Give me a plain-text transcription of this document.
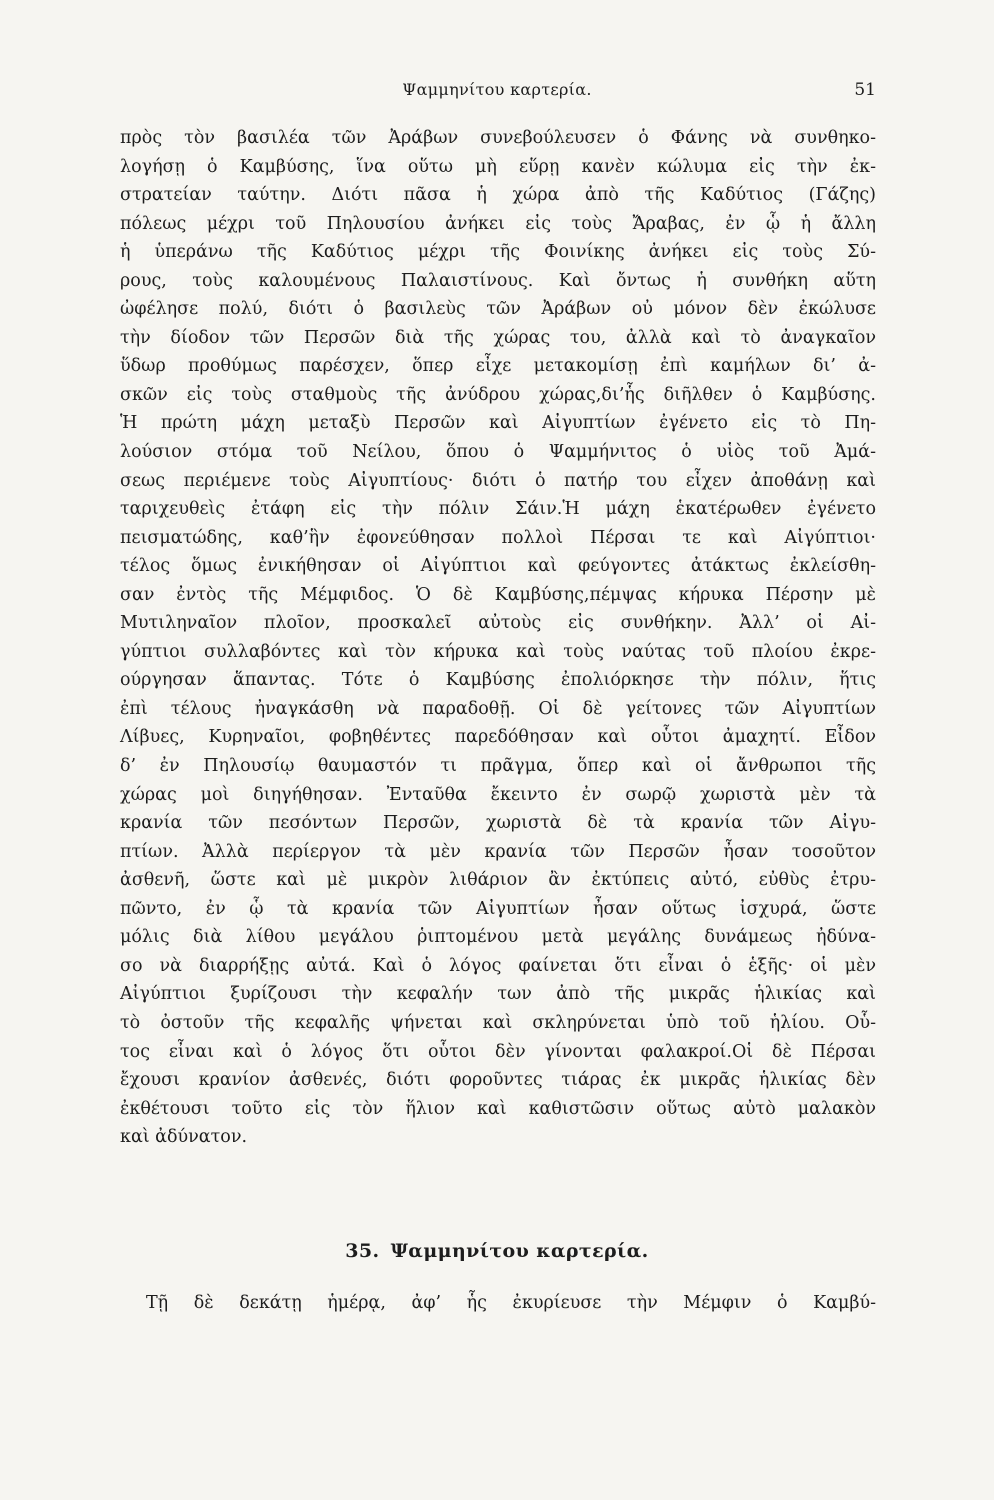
Ψαμμηνίτου καρτερία.	51
πρὸς τὸν βασιλέα τῶν Ἀράβων συνεβούλευσεν ὁ Φάνης νὰ συνθηκο-
λογήσῃ ὁ Καμβύσης, ἵνα οὕτω μὴ εὕρῃ κανὲν κώλυμα εἰς τὴν ἐκ-
στρατείαν ταύτην. Διότι πᾶσα ἡ χώρα ἀπὸ τῆς Καδύτιος (Γάζης)
πόλεως μέχρι τοῦ Πηλουσίου ἀνήκει εἰς τοὺς Ἄραβας, ἐν ᾧ ἡ ἄλλη
ἡ ὑπεράνω τῆς Καδύτιος μέχρι τῆς Φοινίκης ἀνήκει εἰς τοὺς Σύ-
ρους, τοὺς καλουμένους Παλαιστίνους. Καὶ ὄντως ἡ συνθήκη αὕτη
ὠφέλησε πολύ, διότι ὁ βασιλεὺς τῶν Ἀράβων οὐ μόνον δὲν ἐκώλυσε
τὴν δίοδον τῶν Περσῶν διὰ τῆς χώρας του, ἀλλὰ καὶ τὸ ἀναγκαῖον
ὕδωρ προθύμως παρέσχεν, ὅπερ εἶχε μετακομίσῃ ἐπὶ καμήλων δι’ ἀ-
σκῶν εἰς τοὺς σταθμοὺς τῆς ἀνύδρου χώρας,δι’ἧς διῆλθεν ὁ Καμβύσης.
Ἡ πρώτη μάχη μεταξὺ Περσῶν καὶ Αἰγυπτίων ἐγένετο εἰς τὸ Πη-
λούσιον στόμα τοῦ Νείλου, ὅπου ὁ Ψαμμήνιτος ὁ υἱὸς τοῦ Ἀμά-
σεως περιέμενε τοὺς Αἰγυπτίους· διότι ὁ πατήρ του εἶχεν ἀποθάνῃ καὶ
ταριχευθεὶς ἐτάφη εἰς τὴν πόλιν Σάιν.Ἡ μάχη ἑκατέρωθεν ἐγένετο
πεισματώδης, καθ’ἣν ἐφονεύθησαν πολλοὶ Πέρσαι τε καὶ Αἰγύπτιοι·
τέλος ὅμως ἐνικήθησαν οἱ Αἰγύπτιοι καὶ φεύγοντες ἀτάκτως ἐκλείσθη-
σαν ἐντὸς τῆς Μέμφιδος. Ὁ δὲ Καμβύσης,πέμψας κήρυκα Πέρσην μὲ
Μυτιληναῖον πλοῖον, προσκαλεῖ αὐτοὺς εἰς συνθήκην. Ἀλλ’ οἱ Αἰ-
γύπτιοι συλλαβόντες καὶ τὸν κήρυκα καὶ τοὺς ναύτας τοῦ πλοίου ἐκρε-
ούργησαν ἅπαντας. Τότε ὁ Καμβύσης ἐπολιόρκησε τὴν πόλιν, ἥτις
ἐπὶ τέλους ἠναγκάσθη νὰ παραδοθῇ. Οἱ δὲ γείτονες τῶν Αἰγυπτίων
Λίβυες, Κυρηναῖοι, φοβηθέντες παρεδόθησαν καὶ οὗτοι ἀμαχητί. Εἶδον
δ’ ἐν Πηλουσίῳ θαυμαστόν τι πρᾶγμα, ὅπερ καὶ οἱ ἄνθρωποι τῆς
χώρας μοὶ διηγήθησαν. Ἐνταῦθα ἔκειντο ἐν σωρῷ χωριστὰ μὲν τὰ
κρανία τῶν πεσόντων Περσῶν, χωριστὰ δὲ τὰ κρανία τῶν Αἰγυ-
πτίων. Ἀλλὰ περίεργον τὰ μὲν κρανία τῶν Περσῶν ἦσαν τοσοῦτον
ἀσθενῆ, ὥστε καὶ μὲ μικρὸν λιθάριον ἂν ἐκτύπεις αὐτό, εὐθὺς ἐτρυ-
πῶντο, ἐν ᾧ τὰ κρανία τῶν Αἰγυπτίων ἦσαν οὕτως ἰσχυρά, ὥστε
μόλις διὰ λίθου μεγάλου ῥιπτομένου μετὰ μεγάλης δυνάμεως ἠδύνα-
σο νὰ διαρρήξῃς αὐτά. Καὶ ὁ λόγος φαίνεται ὅτι εἶναι ὁ ἑξῆς· οἱ μὲν
Αἰγύπτιοι ξυρίζουσι τὴν κεφαλήν των ἀπὸ τῆς μικρᾶς ἡλικίας καὶ
τὸ ὀστοῦν τῆς κεφαλῆς ψήνεται καὶ σκληρύνεται ὑπὸ τοῦ ἡλίου. Οὗ-
τος εἶναι καὶ ὁ λόγος ὅτι οὗτοι δὲν γίνονται φαλακροί.Οἱ δὲ Πέρσαι
ἔχουσι κρανίον ἀσθενές, διότι φοροῦντες τιάρας ἐκ μικρᾶς ἡλικίας δὲν
ἐκθέτουσι τοῦτο εἰς τὸν ἥλιον καὶ καθιστῶσιν οὕτως αὐτὸ μαλακὸν
καὶ ἀδύνατον.
35. Ψαμμηνίτου καρτερία.
Τῇ δὲ δεκάτῃ ἡμέρᾳ, ἀφ’ ἧς ἐκυρίευσε τὴν Μέμφιν ὁ Καμβύ-
